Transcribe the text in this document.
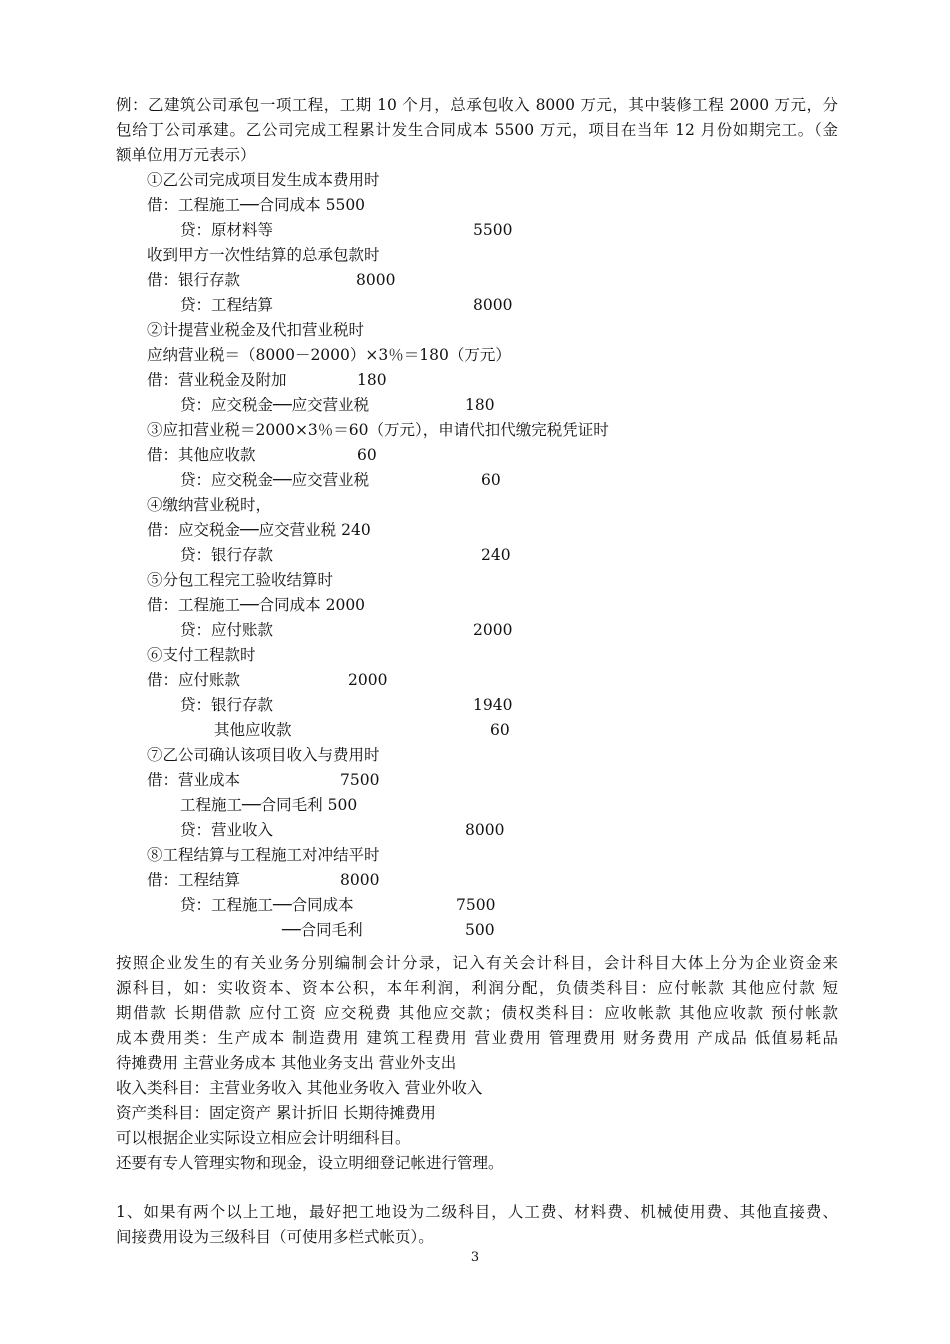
例：乙建筑公司承包一项工程，工期 10 个月，总承包收入 8000 万元，其中装修工程 2000 万元，分
包给丁公司承建。乙公司完成工程累计发生合同成本 5500 万元，项目在当年 12 月份如期完工。（金
额单位用万元表示）
①乙公司完成项目发生成本费用时
借：工程施工──合同成本 5500
贷：原材料等	5500
收到甲方一次性结算的总承包款时
借：银行存款	8000
贷：工程结算	8000
②计提营业税金及代扣营业税时
应纳营业税＝（8000－2000）×3％＝180（万元）
借：营业税金及附加	180
贷：应交税金──应交营业税	180
③应扣营业税＝2000×3％＝60（万元），申请代扣代缴完税凭证时
借：其他应收款	60
贷：应交税金──应交营业税	60
④缴纳营业税时，
借：应交税金──应交营业税 240
贷：银行存款	240
⑤分包工程完工验收结算时
借：工程施工──合同成本 2000
贷：应付账款	2000
⑥支付工程款时
借：应付账款	2000
贷：银行存款	1940
其他应收款	60
⑦乙公司确认该项目收入与费用时
借：营业成本	7500
工程施工──合同毛利 500
贷：营业收入	8000
⑧工程结算与工程施工对冲结平时
借：工程结算	8000
贷：工程施工──合同成本	7500
──合同毛利	500
按照企业发生的有关业务分别编制会计分录，记入有关会计科目，会计科目大体上分为企业资金来
源科目，如：实收资本、资本公积，本年利润，利润分配，负债类科目：应付帐款 其他应付款 短
期借款 长期借款 应付工资 应交税费 其他应交款；债权类科目：应收帐款 其他应收款 预付帐款
成本费用类：生产成本 制造费用 建筑工程费用 营业费用 管理费用 财务费用 产成品 低值易耗品
待摊费用 主营业务成本 其他业务支出 营业外支出
收入类科目：主营业务收入 其他业务收入 营业外收入
资产类科目：固定资产 累计折旧 长期待摊费用
可以根据企业实际设立相应会计明细科目。
还要有专人管理实物和现金，设立明细登记帐进行管理。
1、如果有两个以上工地，最好把工地设为二级科目，人工费、材料费、机械使用费、其他直接费、
间接费用设为三级科目（可使用多栏式帐页）。
3
